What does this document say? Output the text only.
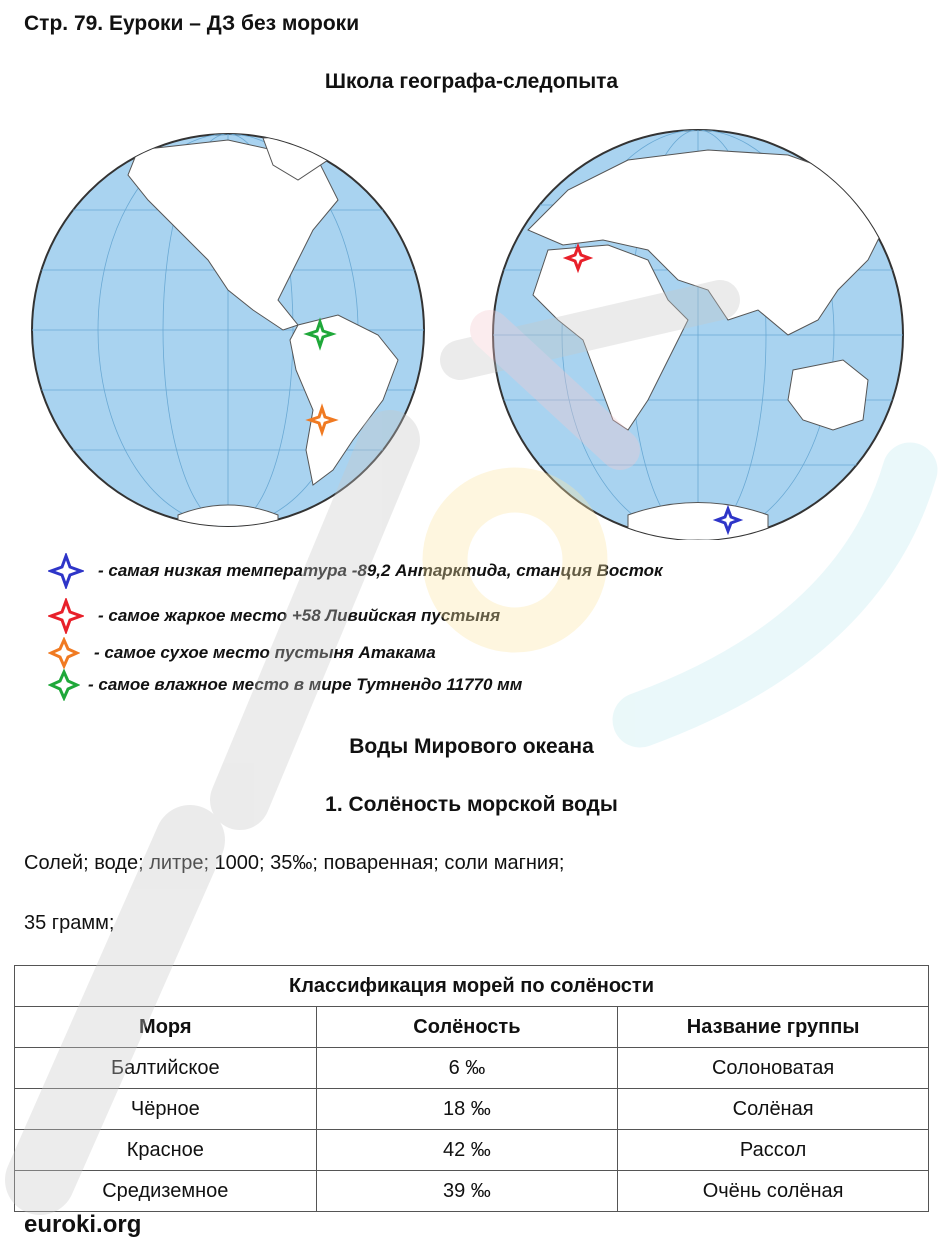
Стр. 79. Еуроки – ДЗ без мороки
Школа географа-следопыта
- самая низкая температура -89,2 Антарктида, станция Восток
- самое жаркое место +58 Ливийская пустыня
- самое сухое место пустыня Атакама
- самое влажное место в мире Тутнендо 11770 мм
Воды Мирового океана
1. Солёность морской воды
Солей; воде; литре; 1000; 35‰; поваренная; соли магния;
35 грамм;
Классификация морей по солёности		
Моря	Солёность	Название группы
Балтийское	6 ‰	Солоноватая
Чёрное	18 ‰	Солёная
Красное	42 ‰	Рассол
Средиземное	39 ‰	Очёнь солёная
euroki.org
